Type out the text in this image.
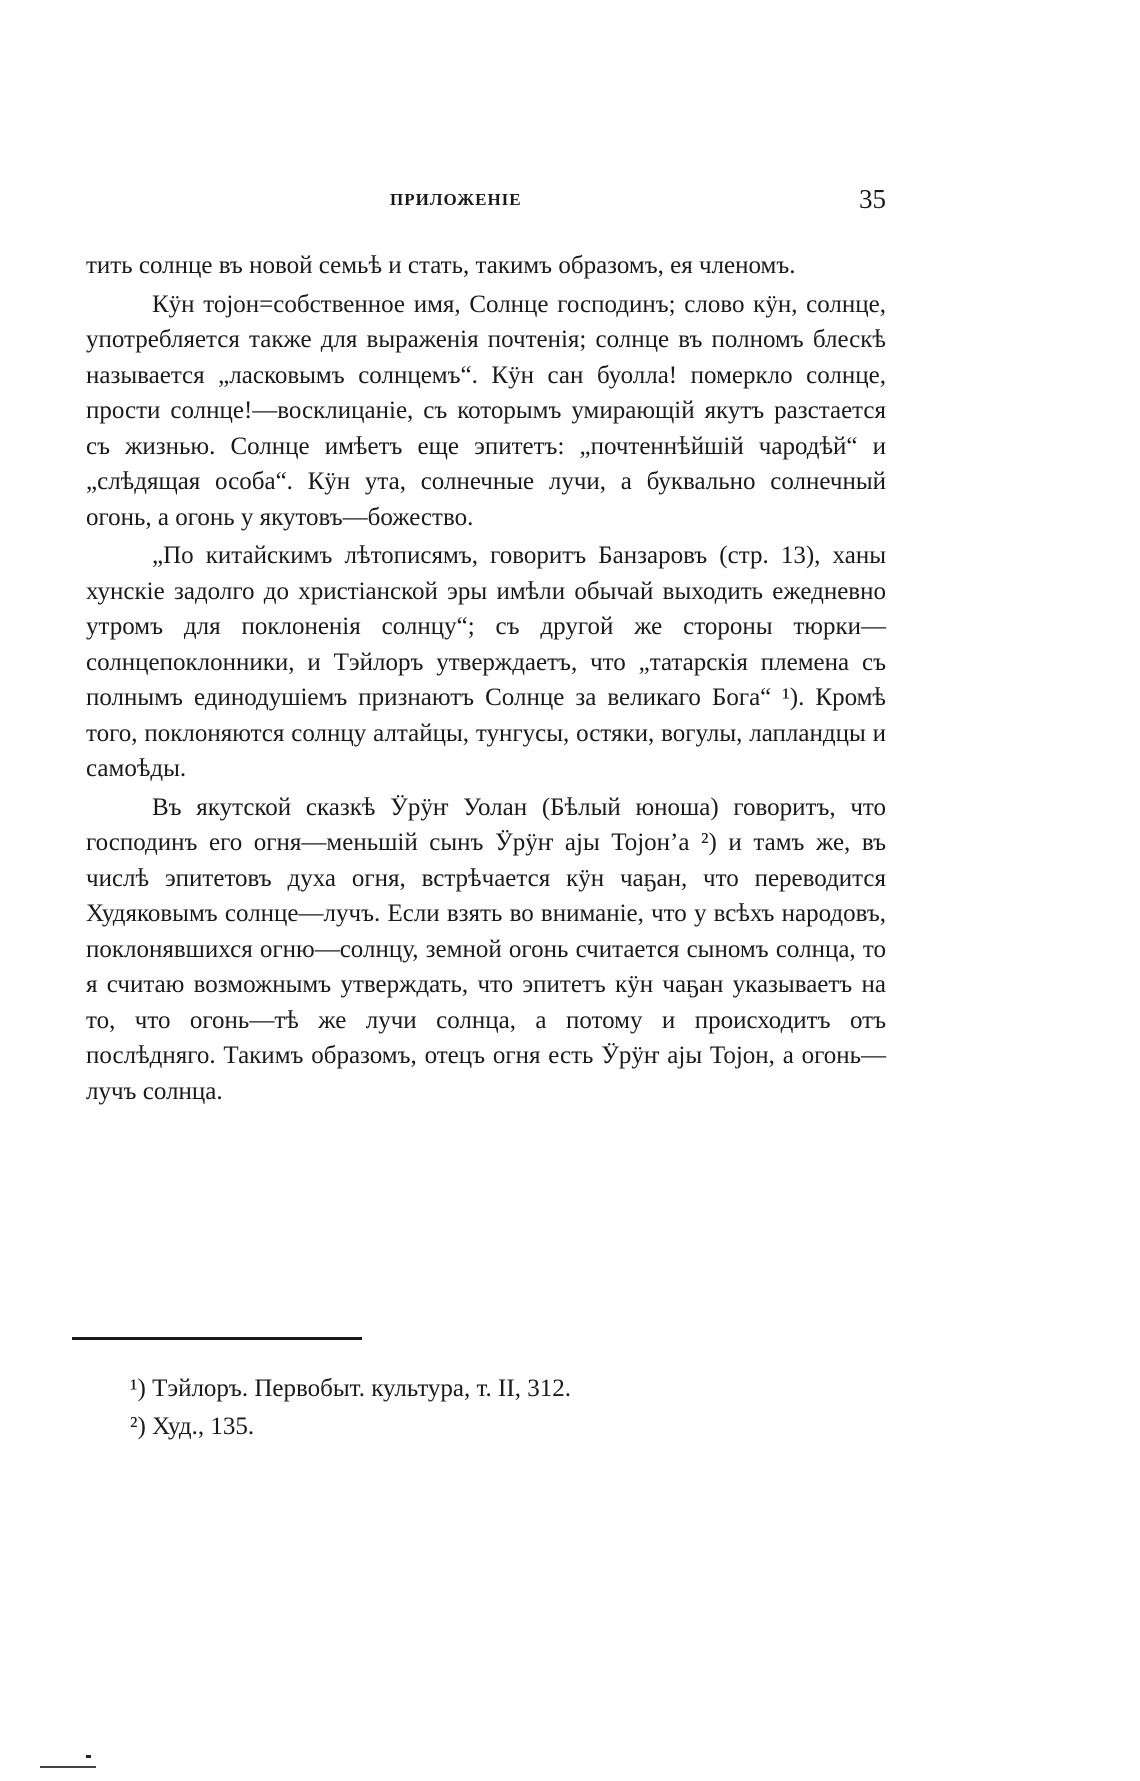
ПРИЛОЖЕНІЕ	35

тить солнце въ новой семьѣ и стать, такимъ образомъ, ея членомъ.

Кӱн тојон=собственное имя, Солнце господинъ; слово кӱн, солнце, употребляется также для выраженія почтенія; солнце въ полномъ блескѣ называется „ласковымъ солнцемъ“. Кӱн сан буолла! померкло солнце, прости солнце!—восклицаніе, съ которымъ умирающій якутъ разстается съ жизнью. Солнце имѣетъ еще эпитетъ: „почтеннѣйшій чародѣй“ и „слѣдящая особа“. Кӱн ута, солнечные лучи, а буквально солнечный огонь, а огонь у якутовъ—божество.

„По китайскимъ лѣтописямъ, говоритъ Банзаровъ (стр. 13), ханы хунскіе задолго до христіанской эры имѣли обычай выходить ежедневно утромъ для поклоненія солнцу“; съ другой же стороны тюрки—солнцепоклонники, и Тэйлоръ утверждаетъ, что „татарскія племена съ полнымъ единодушіемъ признаютъ Солнце за великаго Бога“ ¹). Кромѣ того, поклоняются солнцу алтайцы, тунгусы, остяки, вогулы, лапландцы и самоѣды.

Въ якутской сказкѣ Ӱрӱҥ Уолан (Бѣлый юноша) говоритъ, что господинъ его огня—меньшій сынъ Ӱрӱҥ ајы Тојон’а ²) и тамъ же, въ числѣ эпитетовъ духа огня, встрѣчается кӱн чаҕан, что переводится Худяковымъ солнце—лучъ. Если взять во вниманіе, что у всѣхъ народовъ, поклонявшихся огню—солнцу, земной огонь считается сыномъ солнца, то я считаю возможнымъ утверждать, что эпитетъ кӱн чаҕан указываетъ на то, что огонь—тѣ же лучи солнца, а потому и происходитъ отъ послѣдняго. Такимъ образомъ, отецъ огня есть Ӱрӱҥ ајы Тојон, а огонь—лучъ солнца.

¹) Тэйлоръ. Первобыт. культура, т. II, 312.
²) Худ., 135.
